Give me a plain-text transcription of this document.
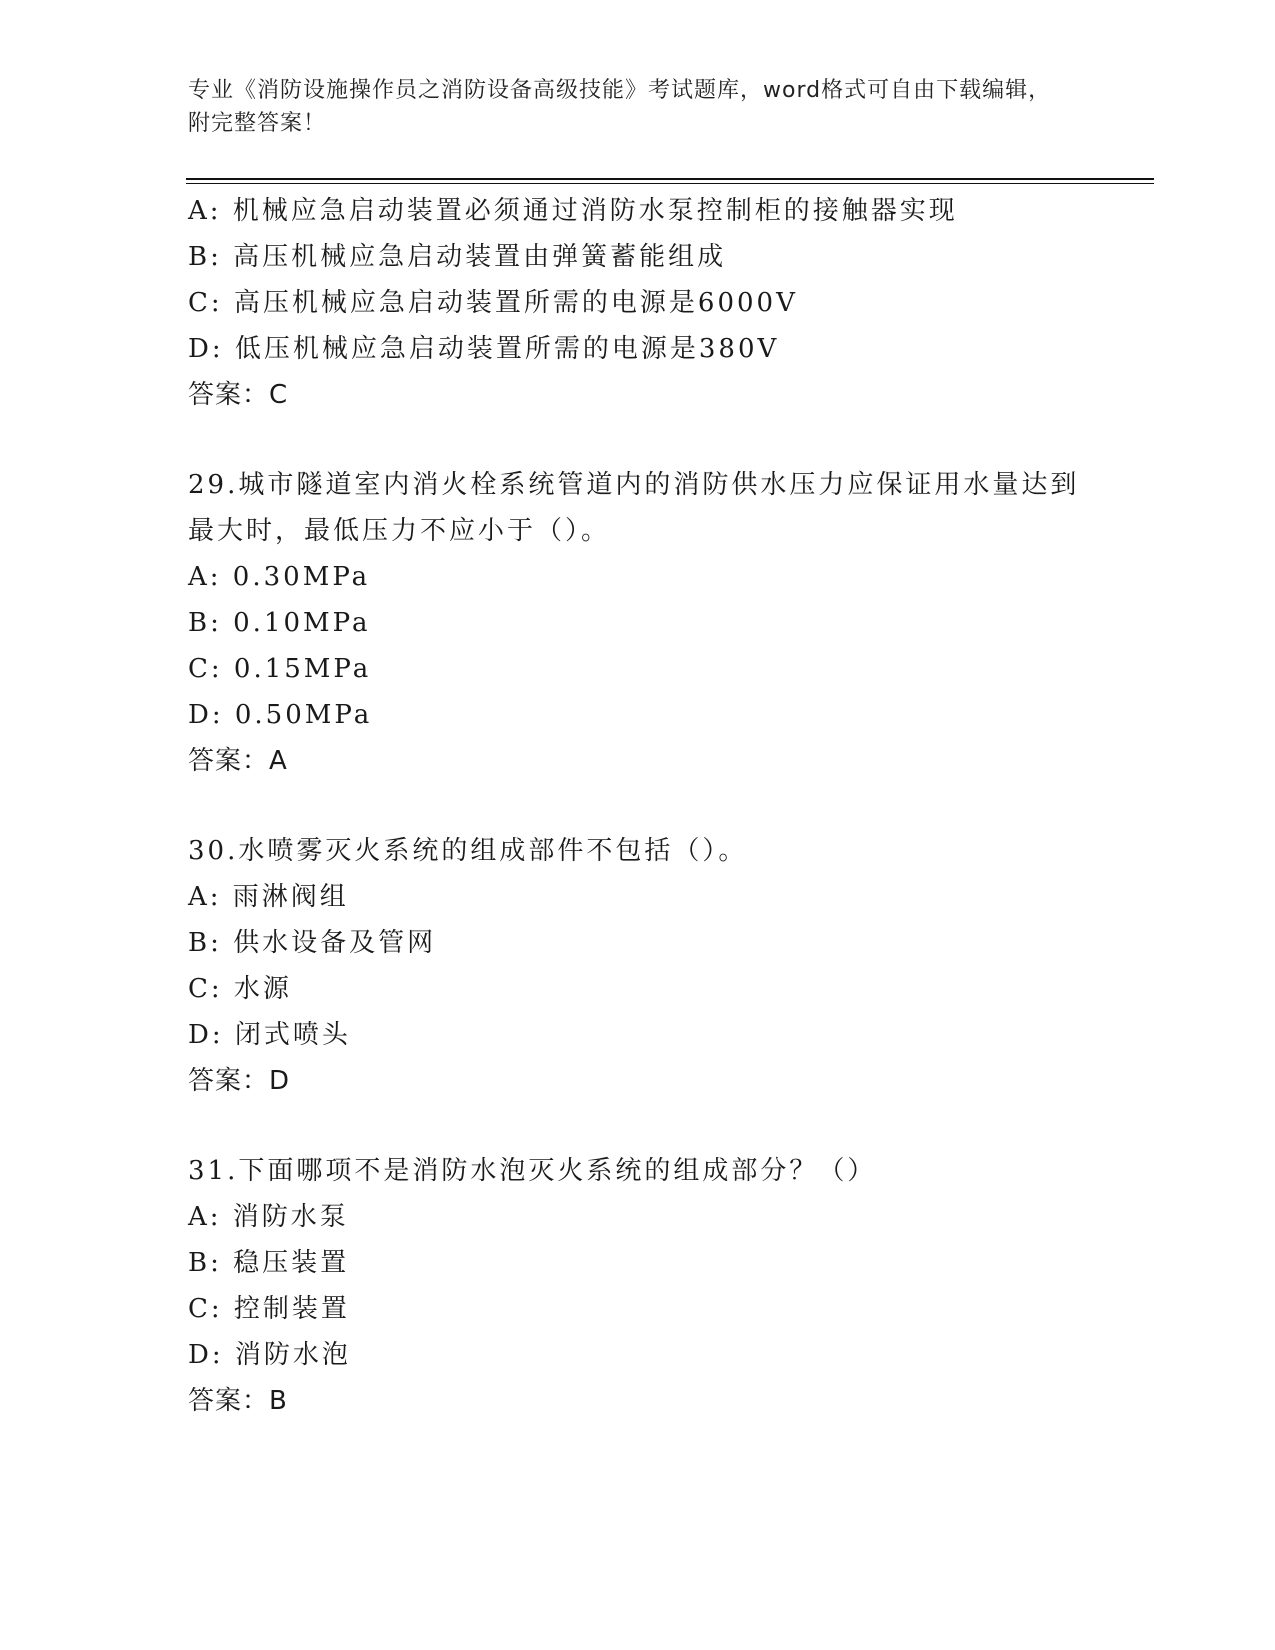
专业《消防设施操作员之消防设备高级技能》考试题库，word格式可自由下载编辑，附完整答案！
A: 机械应急启动装置必须通过消防水泵控制柜的接触器实现
B: 高压机械应急启动装置由弹簧蓄能组成
C: 高压机械应急启动装置所需的电源是6000V
D: 低压机械应急启动装置所需的电源是380V
答案：C
29.城市隧道室内消火栓系统管道内的消防供水压力应保证用水量达到
最大时，最低压力不应小于（）。
A: 0.30MPa
B: 0.10MPa
C: 0.15MPa
D: 0.50MPa
答案：A
30.水喷雾灭火系统的组成部件不包括（）。
A: 雨淋阀组
B: 供水设备及管网
C: 水源
D: 闭式喷头
答案：D
31.下面哪项不是消防水泡灭火系统的组成部分？（）
A: 消防水泵
B: 稳压装置
C: 控制装置
D: 消防水泡
答案：B
